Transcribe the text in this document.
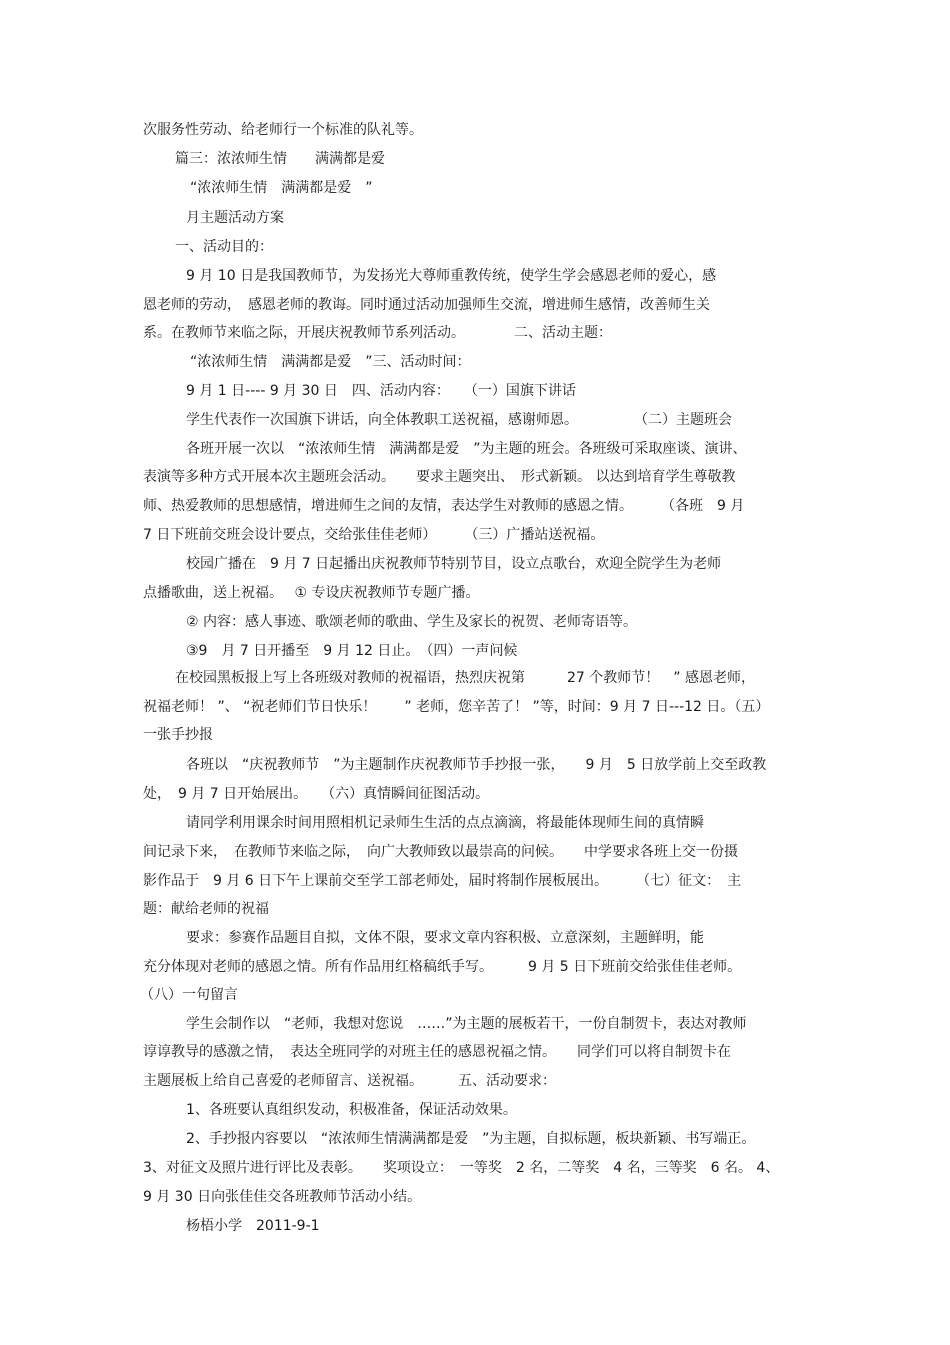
次服务性劳动、给老师行一个标准的队礼等。
篇三：浓浓师生情　　满满都是爱
“浓浓师生情　满满都是爱　”
月主题活动方案
一、活动目的：
9 月 10 日是我国教师节，为发扬光大尊师重教传统，使学生学会感恩老师的爱心，感
恩老师的劳动，　感恩老师的教诲。同时通过活动加强师生交流，增进师生感情，改善师生关
系。在教师节来临之际，开展庆祝教师节系列活动。　　　　二、活动主题：
“浓浓师生情　满满都是爱　”三、活动时间：
9 月 1 日---- 9 月 30 日　四、活动内容：　　（一）国旗下讲话
学生代表作一次国旗下讲话，向全体教职工送祝福，感谢师恩。　　　　　（二）主题班会
各班开展一次以　“浓浓师生情　满满都是爱　”为主题的班会。各班级可采取座谈、演讲、
表演等多种方式开展本次主题班会活动。　　要求主题突出、　形式新颖。 以达到培育学生尊敬教
师、热爱教师的思想感情，增进师生之间的友情，表达学生对教师的感恩之情。　　　（各班　9 月
7 日下班前交班会设计要点，交给张佳佳老师）　　　（三）广播站送祝福。
校园广播在　9 月 7 日起播出庆祝教师节特别节目，设立点歌台，欢迎全院学生为老师
点播歌曲，送上祝福。　 ① 专设庆祝教师节专题广播。
② 内容：感人事迹、歌颂老师的歌曲、学生及家长的祝贺、老师寄语等。
③9　月 7 日开播至　9 月 12 日止。　（四）一声问候
在校园黑板报上写上各班级对教师的祝福语，热烈庆祝第　　　27 个教师节！　” 感恩老师，
祝福老师！ ”、 “祝老师们节日快乐！　　” 老师，您辛苦了！ ”等，时间：9 月 7 日---12 日。（五）
一张手抄报
各班以　“庆祝教师节　”为主题制作庆祝教师节手抄报一张，　　9 月　5 日放学前上交至政教
处，　9 月 7 日开始展出。　　（六）真情瞬间征图活动。
请同学利用课余时间用照相机记录师生生活的点点滴滴，将最能体现师生间的真情瞬
间记录下来，　在教师节来临之际，　向广大教师致以最崇高的问候。　　中学要求各班上交一份摄
影作品于　9 月 6 日下午上课前交至学工部老师处，届时将制作展板展出。　　　（七）征文：　主
题：献给老师的祝福
要求：参赛作品题目自拟，文体不限，要求文章内容积极、立意深刻，主题鲜明，能
充分体现对老师的感恩之情。所有作品用红格稿纸手写。　　　9 月 5 日下班前交给张佳佳老师。
（八）一句留言
学生会制作以　“老师，我想对您说　……”为主题的展板若干，一份自制贺卡，表达对教师
谆谆教导的感激之情，　表达全班同学的对班主任的感恩祝福之情。　　同学们可以将自制贺卡在
主题展板上给自己喜爱的老师留言、送祝福。　　　五、活动要求：
1、各班要认真组织发动，积极准备，保证活动效果。
2、手抄报内容要以　“浓浓师生情满满都是爱　”为主题，自拟标题，板块新颖、书写端正。
3、对征文及照片进行评比及表彰。　　奖项设立：　一等奖　2 名，二等奖　4 名，三等奖　6 名。 4、
9 月 30 日向张佳佳交各班教师节活动小结。
杨梧小学　2011-9-1
